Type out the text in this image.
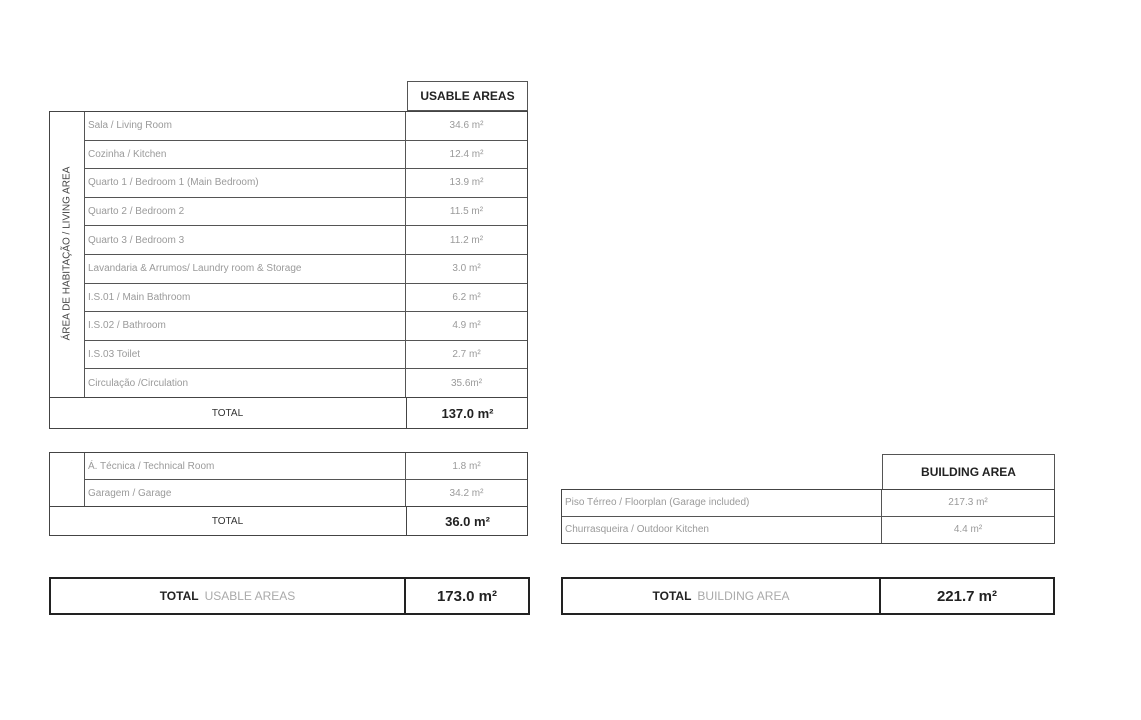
USABLE AREAS
ÁREA DE HABITAÇÃO / LIVING AREA
Sala / Living Room	34.6 m²
Cozinha / Kitchen	12.4 m²
Quarto 1 / Bedroom 1 (Main Bedroom)	13.9 m²
Quarto 2 / Bedroom 2	11.5 m²
Quarto 3 / Bedroom 3	11.2 m²
Lavandaria & Arrumos/ Laundry room & Storage	3.0 m²
I.S.01 / Main Bathroom	6.2 m²
I.S.02 / Bathroom	4.9 m²
I.S.03 Toilet	2.7 m²
Circulação /Circulation	35.6m²
TOTAL	137.0 m²
Á. Técnica / Technical Room	1.8 m²
Garagem / Garage	34.2 m²
TOTAL	36.0 m²
TOTAL USABLE AREAS	173.0 m²
BUILDING AREA
Piso Térreo / Floorplan (Garage included)	217.3 m²
Churrasqueira / Outdoor Kitchen	4.4 m²
TOTAL BUILDING AREA	221.7 m²
